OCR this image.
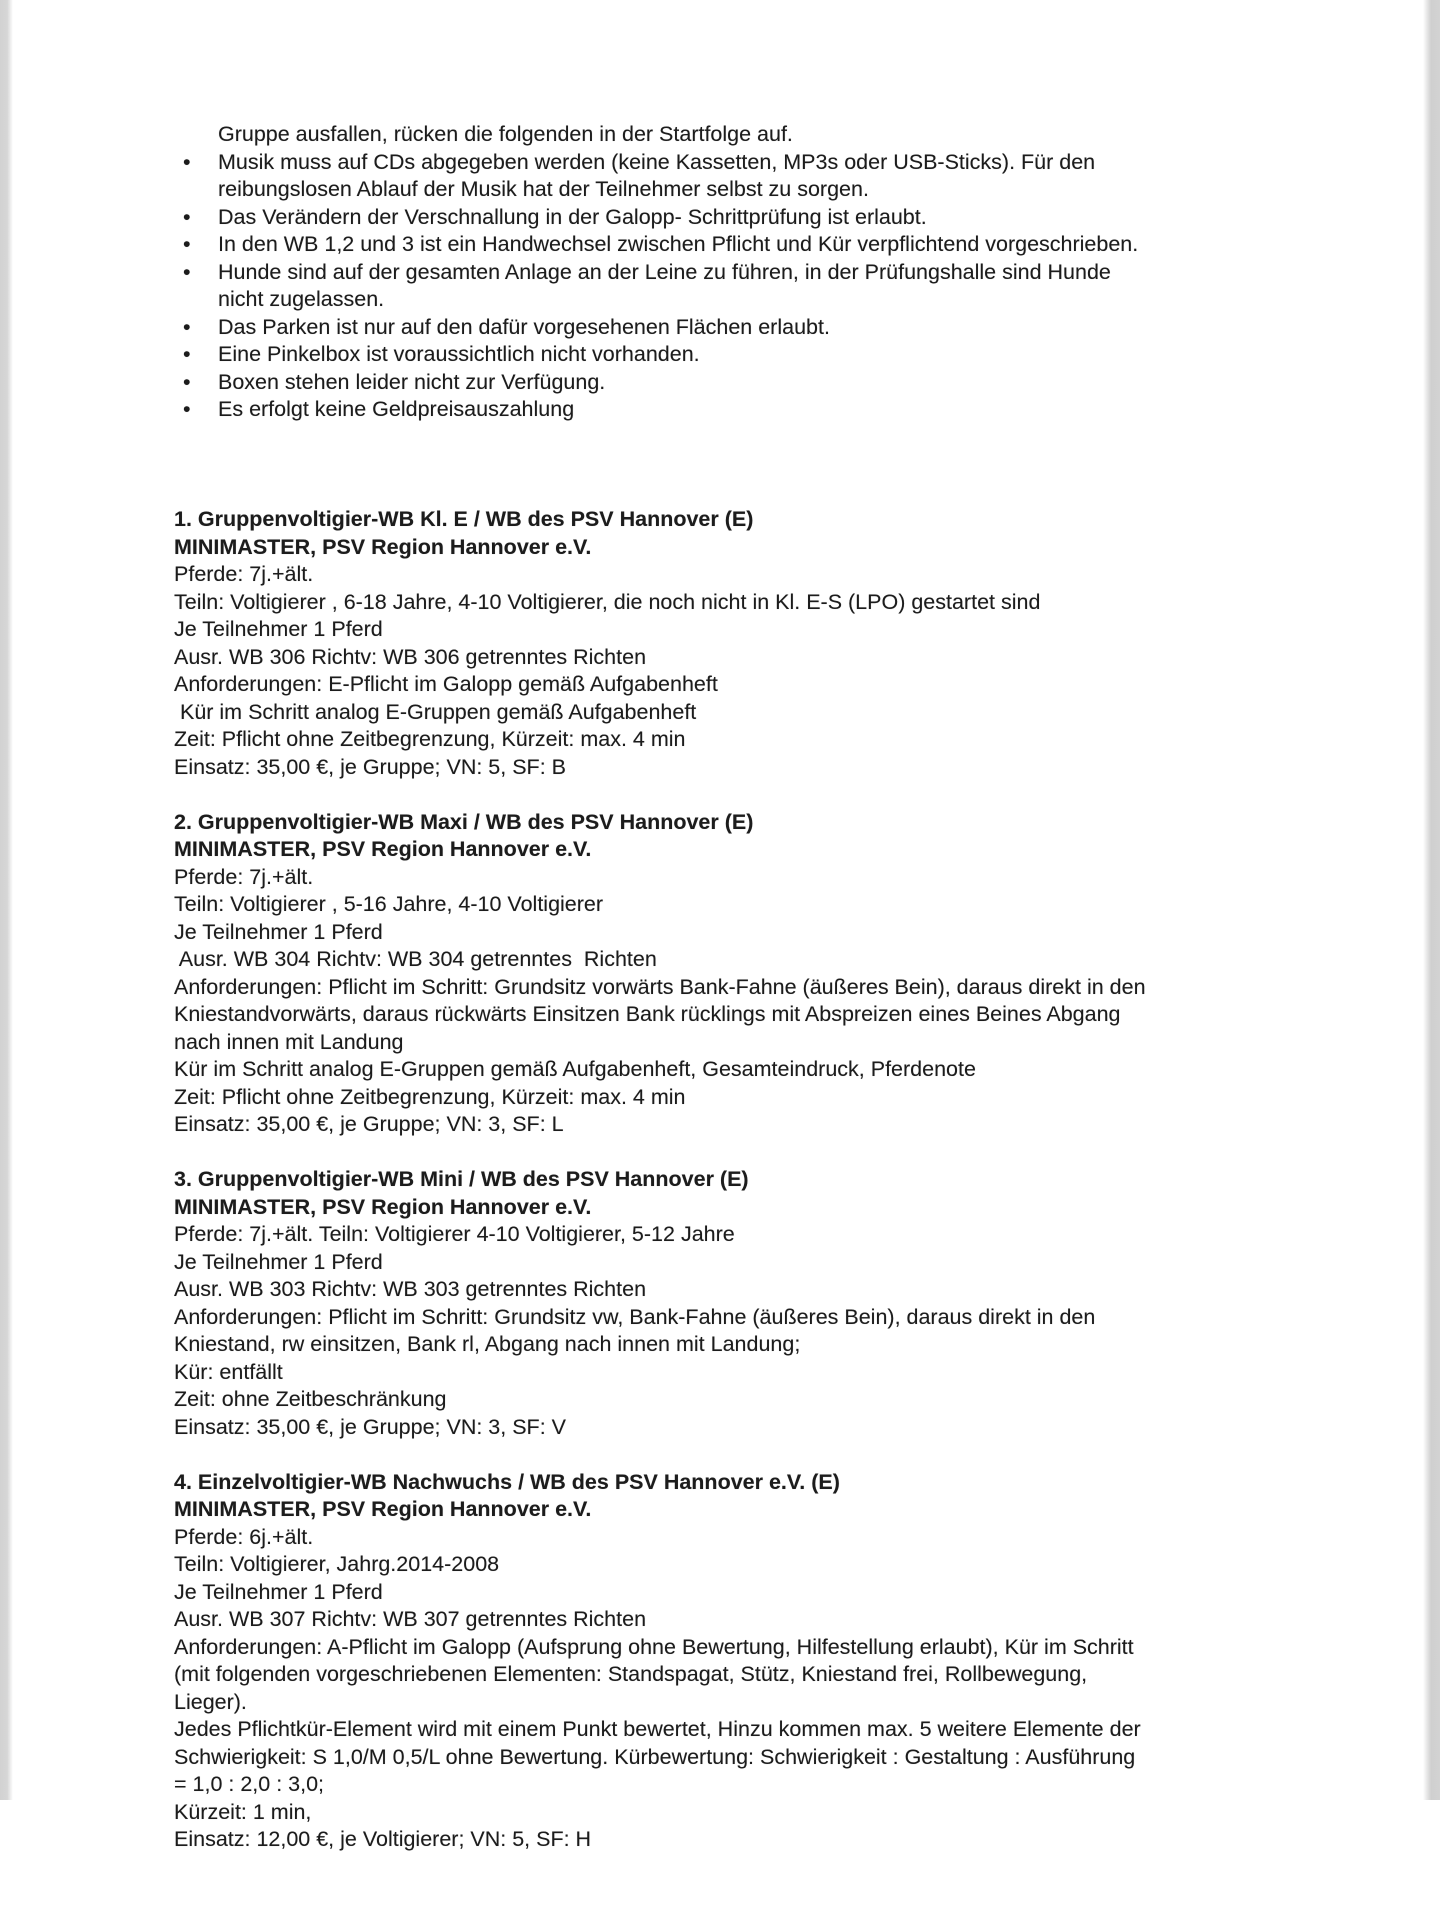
Gruppe ausfallen, rücken die folgenden in der Startfolge auf.
•	Musik muss auf CDs abgegeben werden (keine Kassetten, MP3s oder USB-Sticks). Für den
reibungslosen Ablauf der Musik hat der Teilnehmer selbst zu sorgen.
•	Das Verändern der Verschnallung in der Galopp- Schrittprüfung ist erlaubt.
•	In den WB 1,2 und 3 ist ein Handwechsel zwischen Pflicht und Kür verpflichtend vorgeschrieben.
•	Hunde sind auf der gesamten Anlage an der Leine zu führen, in der Prüfungshalle sind Hunde
nicht zugelassen.
•	Das Parken ist nur auf den dafür vorgesehenen Flächen erlaubt.
•	Eine Pinkelbox ist voraussichtlich nicht vorhanden.
•	Boxen stehen leider nicht zur Verfügung.
•	Es erfolgt keine Geldpreisauszahlung

1. Gruppenvoltigier-WB Kl. E / WB des PSV Hannover (E)
MINIMASTER, PSV Region Hannover e.V.
Pferde: 7j.+ält.
Teiln: Voltigierer , 6-18 Jahre, 4-10 Voltigierer, die noch nicht in Kl. E-S (LPO) gestartet sind
Je Teilnehmer 1 Pferd
Ausr. WB 306 Richtv: WB 306 getrenntes Richten
Anforderungen: E-Pflicht im Galopp gemäß Aufgabenheft
Kür im Schritt analog E-Gruppen gemäß Aufgabenheft
Zeit: Pflicht ohne Zeitbegrenzung, Kürzeit: max. 4 min
Einsatz: 35,00 €, je Gruppe; VN: 5, SF: B
2. Gruppenvoltigier-WB Maxi / WB des PSV Hannover (E)
MINIMASTER, PSV Region Hannover e.V.
Pferde: 7j.+ält.
Teiln: Voltigierer , 5-16 Jahre, 4-10 Voltigierer
Je Teilnehmer 1 Pferd
Ausr. WB 304 Richtv: WB 304 getrenntes  Richten
Anforderungen: Pflicht im Schritt: Grundsitz vorwärts Bank-Fahne (äußeres Bein), daraus direkt in den
Kniestandvorwärts, daraus rückwärts Einsitzen Bank rücklings mit Abspreizen eines Beines Abgang
nach innen mit Landung
Kür im Schritt analog E-Gruppen gemäß Aufgabenheft, Gesamteindruck, Pferdenote
Zeit: Pflicht ohne Zeitbegrenzung, Kürzeit: max. 4 min
Einsatz: 35,00 €, je Gruppe; VN: 3, SF: L
3. Gruppenvoltigier-WB Mini / WB des PSV Hannover (E)
MINIMASTER, PSV Region Hannover e.V.
Pferde: 7j.+ält. Teiln: Voltigierer 4-10 Voltigierer, 5-12 Jahre
Je Teilnehmer 1 Pferd
Ausr. WB 303 Richtv: WB 303 getrenntes Richten
Anforderungen: Pflicht im Schritt: Grundsitz vw, Bank-Fahne (äußeres Bein), daraus direkt in den
Kniestand, rw einsitzen, Bank rl, Abgang nach innen mit Landung;
Kür: entfällt
Zeit: ohne Zeitbeschränkung
Einsatz: 35,00 €, je Gruppe; VN: 3, SF: V
4. Einzelvoltigier-WB Nachwuchs / WB des PSV Hannover e.V. (E)
MINIMASTER, PSV Region Hannover e.V.
Pferde: 6j.+ält.
Teiln: Voltigierer, Jahrg.2014-2008
Je Teilnehmer 1 Pferd
Ausr. WB 307 Richtv: WB 307 getrenntes Richten
Anforderungen: A-Pflicht im Galopp (Aufsprung ohne Bewertung, Hilfestellung erlaubt), Kür im Schritt
(mit folgenden vorgeschriebenen Elementen: Standspagat, Stütz, Kniestand frei, Rollbewegung,
Lieger).
Jedes Pflichtkür-Element wird mit einem Punkt bewertet, Hinzu kommen max. 5 weitere Elemente der
Schwierigkeit: S 1,0/M 0,5/L ohne Bewertung. Kürbewertung: Schwierigkeit : Gestaltung : Ausführung
= 1,0 : 2,0 : 3,0;
Kürzeit: 1 min,
Einsatz: 12,00 €, je Voltigierer; VN: 5, SF: H
